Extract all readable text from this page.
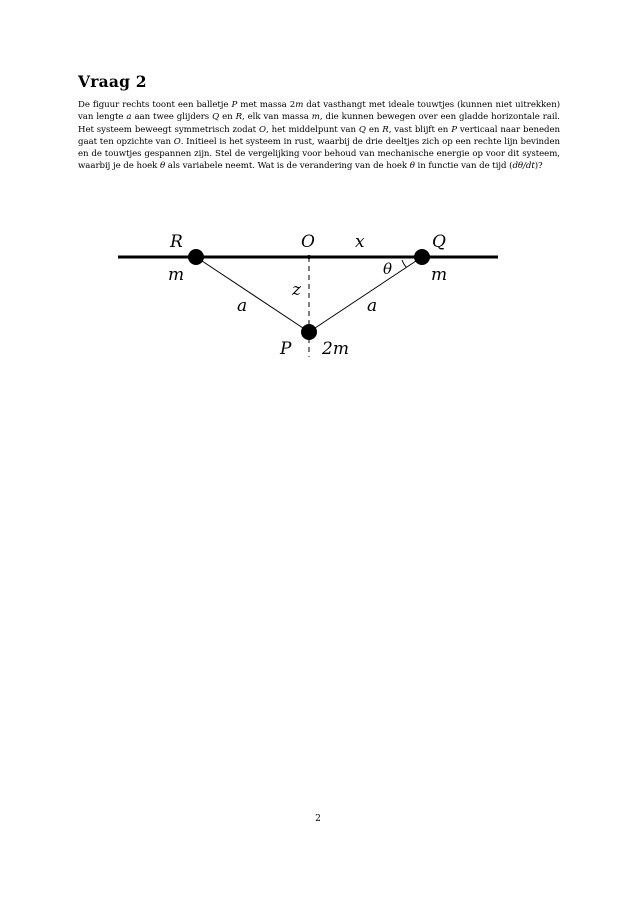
Vraag 2

De figuur rechts toont een balletje P met massa 2m dat vasthangt met ideale touwtjes (kunnen niet uitrekken) van lengte a aan twee glijders Q en R, elk van massa m, die kunnen bewegen over een gladde horizontale rail. Het systeem beweegt symmetrisch zodat O, het middelpunt van Q en R, vast blijft en P verticaal naar beneden gaat ten opzichte van O. Initieel is het systeem in rust, waarbij de drie deeltjes zich op een rechte lijn bevinden en de touwtjes gespannen zijn. Stel de vergelijking voor behoud van mechanische energie op voor dit systeem, waarbij je de hoek θ als variabele neemt. Wat is de verandering van de hoek θ in functie van de tijd (dθ/dt)?

R	O x	Q
m	θ m
z
a	a
P 2m
2
